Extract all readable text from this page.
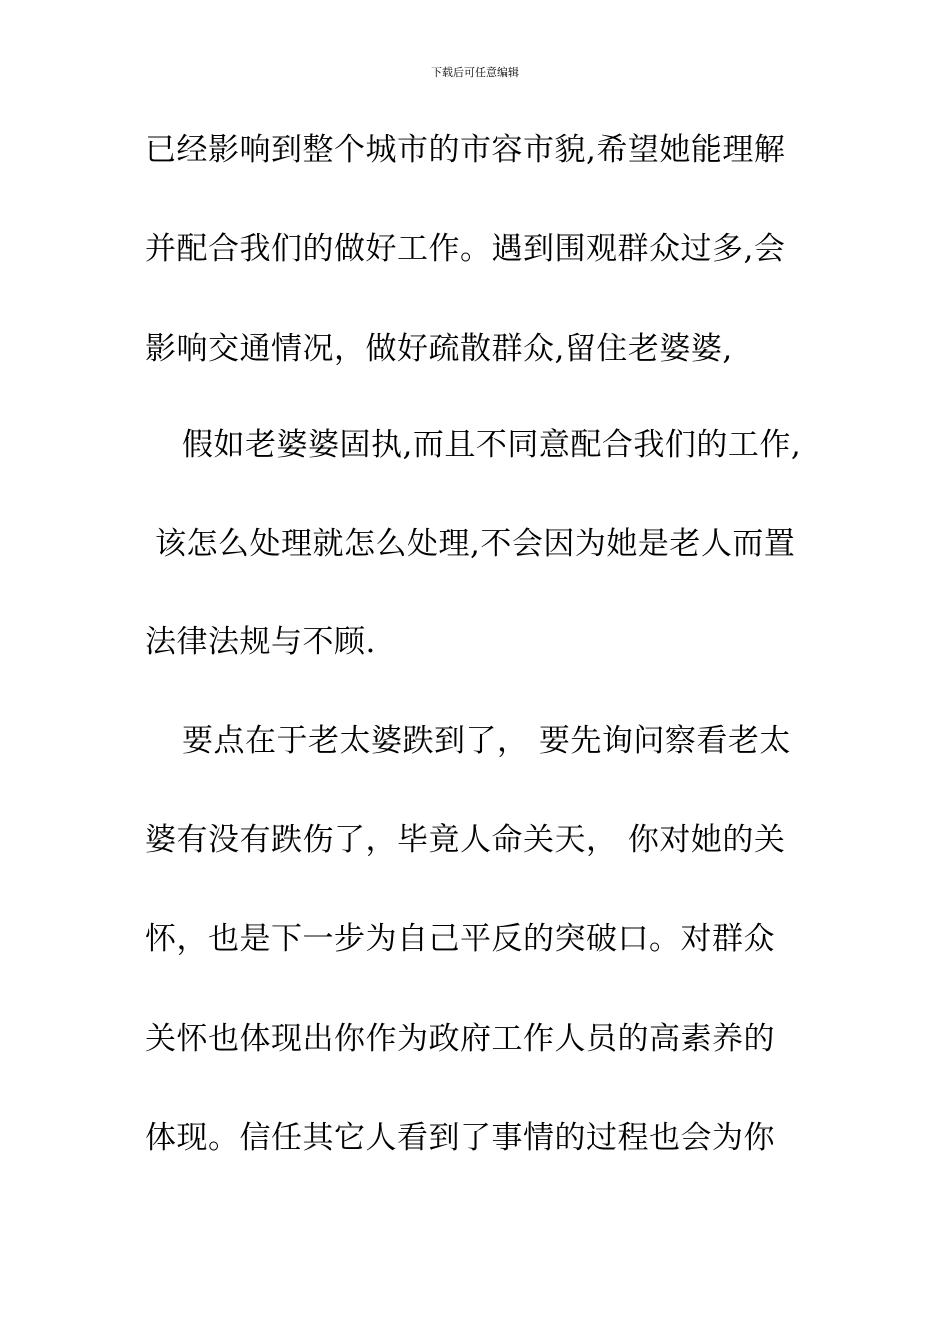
下载后可任意编辑
已经影响到整个城市的市容市貌,希望她能理解
并配合我们的做好工作。遇到围观群众过多,会
影响交通情况，做好疏散群众,留住老婆婆,
假如老婆婆固执,而且不同意配合我们的工作,
该怎么处理就怎么处理,不会因为她是老人而置
法律法规与不顾.
要点在于老太婆跌到了， 要先询问察看老太
婆有没有跌伤了，毕竟人命关天， 你对她的关
怀，也是下一步为自己平反的突破口。对群众
关怀也体现出你作为政府工作人员的高素养的
体现。信任其它人看到了事情的过程也会为你
